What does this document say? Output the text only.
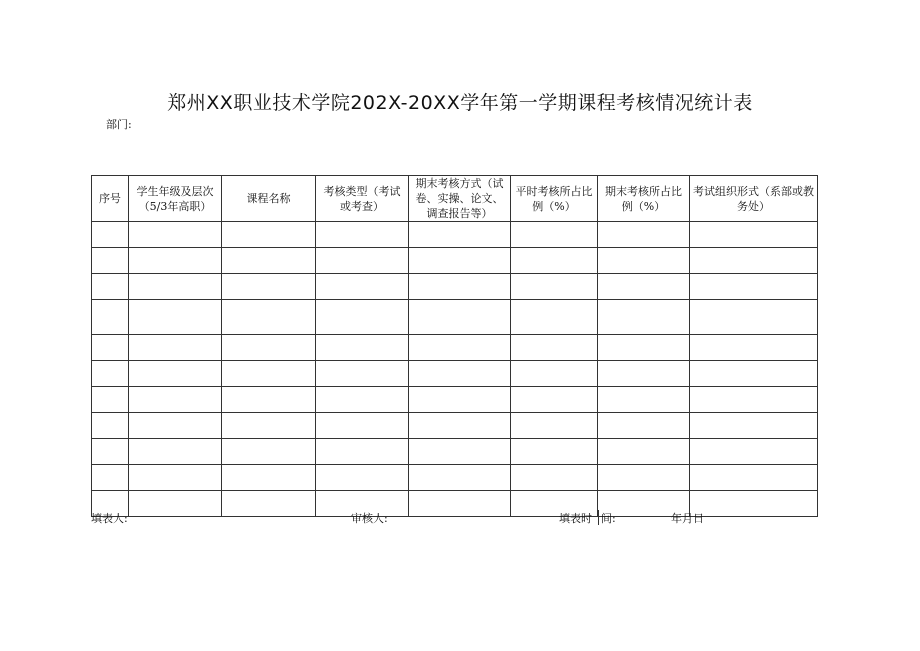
郑州XX职业技术学院202X-20XX学年第一学期课程考核情况统计表
部门:
序号	学生年级及层次（5/3年高职）	课程名称	考核类型（考试或考查）	期末考核方式（试卷、实操、论文、调查报告等）	平时考核所占比例（%）	期末考核所占比例（%）	考试组织形式（系部或教务处）

填表人:	审核人:	填表时 间:	年月日
